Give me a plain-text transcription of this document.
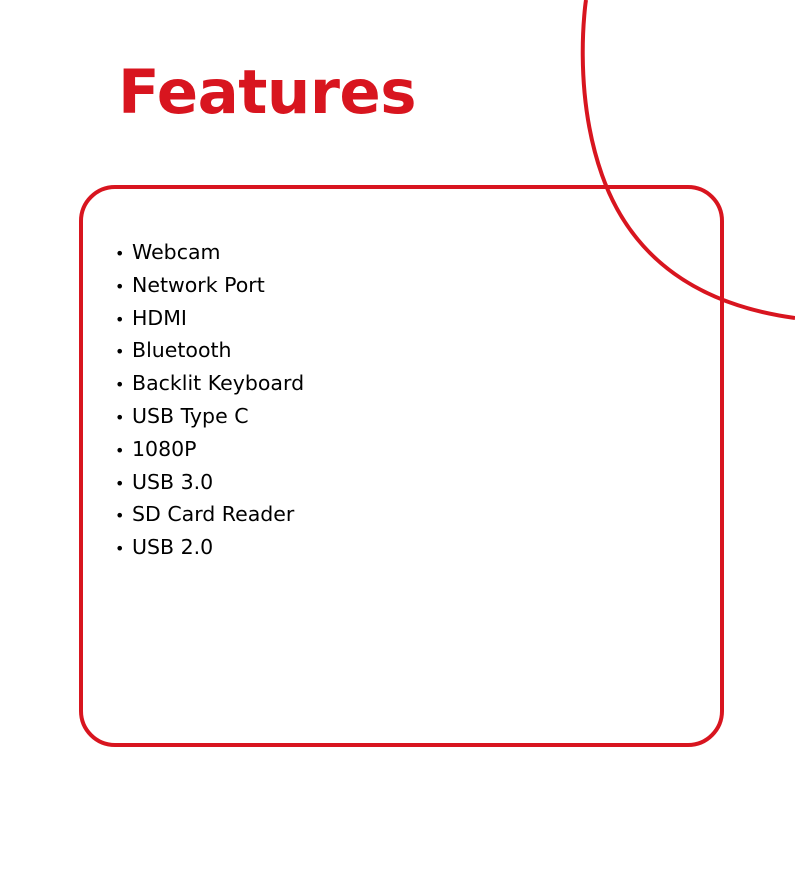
Features
• Webcam
• Network Port
• HDMI
• Bluetooth
• Backlit Keyboard
• USB Type C
• 1080P
• USB 3.0
• SD Card Reader
• USB 2.0
